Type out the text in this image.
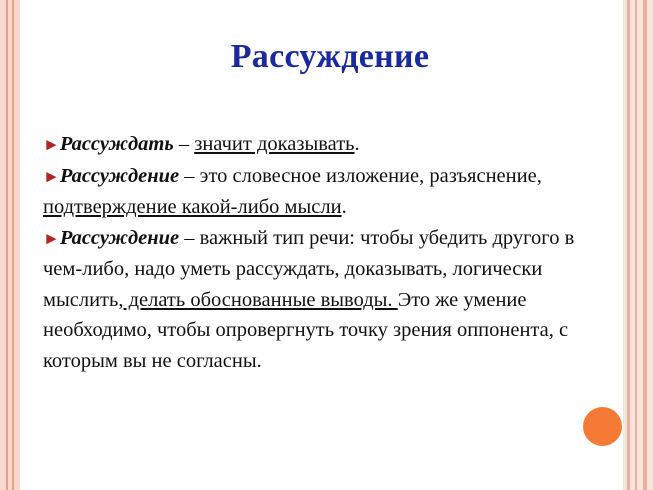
Рассуждение

►Рассуждать – значит доказывать.

►Рассуждение – это словесное изложение, разъяснение, подтверждение какой-либо мысли.

►Рассуждение – важный тип речи: чтобы убедить другого в чем-либо, надо уметь рассуждать, доказывать, логически мыслить, делать обоснованные выводы. Это же умение необходимо, чтобы опровергнуть точку зрения оппонента, с которым вы не согласны.
